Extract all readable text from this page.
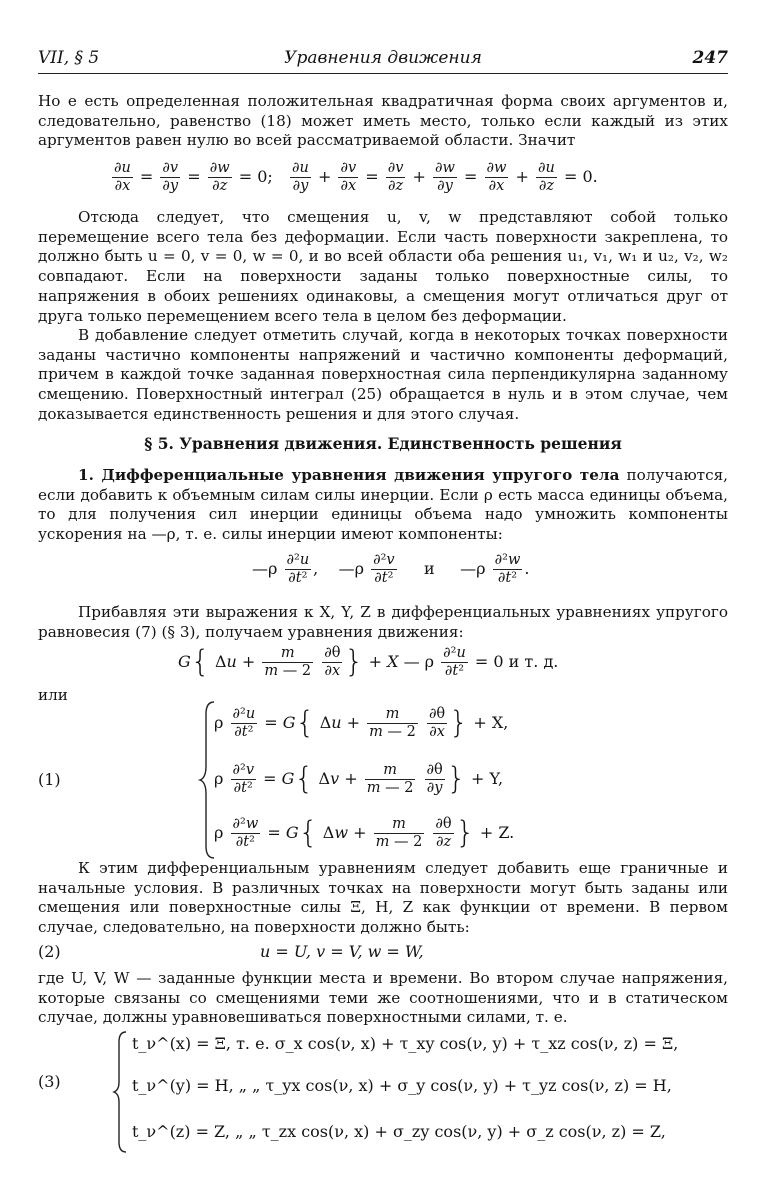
VII, § 5	Уравнения движения	247

Но e есть определенная положительная квадратичная форма своих аргументов и, следовательно, равенство (18) может иметь место, только если каждый из этих аргументов равен нулю во всей рассматриваемой области. Значит

$\frac{\partial u}{\partial x} = \frac{\partial v}{\partial y} = \frac{\partial w}{\partial z} = 0$; $\frac{\partial u}{\partial y} + \frac{\partial v}{\partial x} = \frac{\partial v}{\partial z} + \frac{\partial w}{\partial y} = \frac{\partial w}{\partial x} + \frac{\partial u}{\partial z} = 0$.

Отсюда следует, что смещения u, v, w представляют собой только перемещение всего тела без деформации. Если часть поверхности закреплена, то должно быть u = 0, v = 0, w = 0, и во всей области оба решения u₁, v₁, w₁ и u₂, v₂, w₂ совпадают. Если на поверхности заданы только поверхностные силы, то напряжения в обоих решениях одинаковы, а смещения могут отличаться друг от друга только перемещением всего тела в целом без деформации.

В добавление следует отметить случай, когда в некоторых точках поверхности заданы частично компоненты напряжений и частично компоненты деформаций, причем в каждой точке заданная поверхностная сила перпендикулярна заданному смещению. Поверхностный интеграл (25) обращается в нуль и в этом случае, чем доказывается единственность решения и для этого случая.

§ 5. Уравнения движения. Единственность решения

1. Дифференциальные уравнения движения упругого тела получаются, если добавить к объемным силам силы инерции. Если ρ есть масса единицы объема, то для получения сил инерции единицы объема надо умножить компоненты ускорения на —ρ, т. е. силы инерции имеют компоненты:

—ρ $\frac{\text{∂²u}}{\text{∂t²}}$ ,    —ρ $\frac{\text{∂²v}}{\text{∂t²}}$ и     —ρ $\frac{\text{∂²w}}{\text{∂t²}}$ .

Прибавляя эти выражения к X, Y, Z в дифференциальных уравнениях упругого равновесия (7) (§ 3), получаем уравнения движения:

G{ $\Delta u + \frac{m}{m — 2}$
$\frac{\partial\theta}{\partial x}$ } + X — ρ $\frac{\text{∂²u}}{\text{∂t²}} = 0$ и т. д.

или

(1)
ρ $\frac{\text{∂²u}}{\text{∂t²}} = G${ $\Delta u + \frac{m}{m — 2}$
$\frac{\partial\theta}{\partial x}$ } + X,
ρ $\frac{\text{∂²v}}{\text{∂t²}} = G${ $\Delta v + \frac{m}{m — 2}$
$\frac{\partial\theta}{\partial y}$ } + Y,
ρ $\frac{\text{∂²w}}{\text{∂t²}} = G${ $\Delta w + \frac{m}{m — 2}$
$\frac{\partial\theta}{\partial z}$ } + Z.

К этим дифференциальным уравнениям следует добавить еще граничные и начальные условия. В различных точках на поверхности могут быть заданы или смещения или поверхностные силы Ξ, H, Z как функции от времени. В первом случае, следовательно, на поверхности должно быть:

(2)	u = U, v = V, w = W,

где U, V, W — заданные функции места и времени. Во втором случае напряжения, которые связаны со смещениями теми же соотношениями, что и в статическом случае, должны уравновешиваться поверхностными силами, т. е.

(3)
t_ν^(x) = Ξ, т. е. σ_x cos(ν, x) + τ_xy cos(ν, y) + τ_xz cos(ν, z) = Ξ,
t_ν^(y) = H, „ „ τ_yx cos(ν, x) + σ_y cos(ν, y) + τ_yz cos(ν, z) = H,
t_ν^(z) = Z, „ „ τ_zx cos(ν, x) + σ_zy cos(ν, y) + σ_z cos(ν, z) = Z,
